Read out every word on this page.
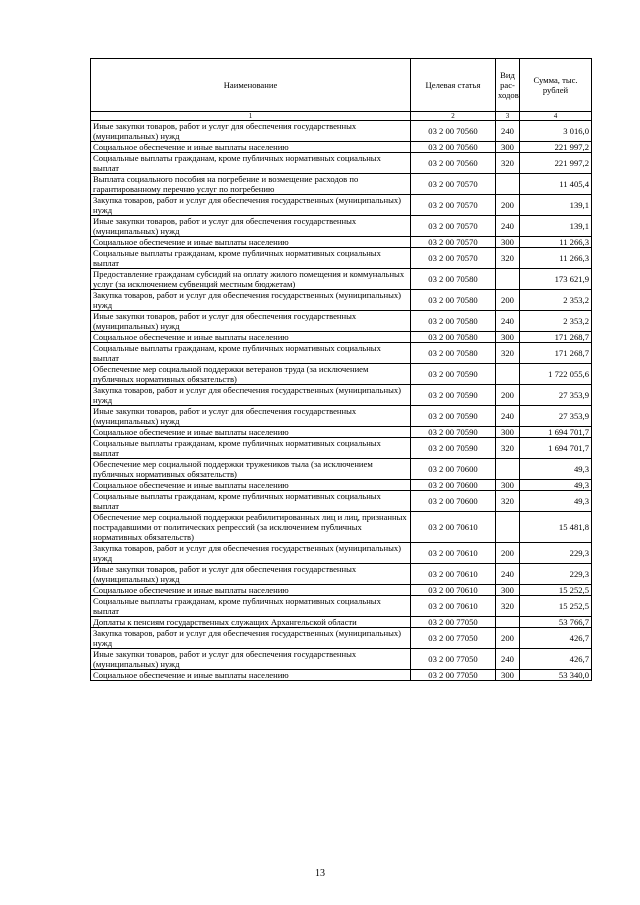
Наименование	Целевая статья	Вид рас-ходов	Сумма, тыс. рублей
1	2	3	4
Иные закупки товаров, работ и услуг для обеспечения государственных (муниципальных) нужд	03 2 00 70560	240	3 016,0
Социальное обеспечение и иные выплаты населению	03 2 00 70560	300	221 997,2
Социальные выплаты гражданам, кроме публичных нормативных социальных выплат	03 2 00 70560	320	221 997,2
Выплата социального пособия на погребение и возмещение расходов по гарантированному перечню услуг по погребению	03 2 00 70570		11 405,4
Закупка товаров, работ и услуг для обеспечения государственных (муниципальных) нужд	03 2 00 70570	200	139,1
Иные закупки товаров, работ и услуг для обеспечения государственных (муниципальных) нужд	03 2 00 70570	240	139,1
Социальное обеспечение и иные выплаты населению	03 2 00 70570	300	11 266,3
Социальные выплаты гражданам, кроме публичных нормативных социальных выплат	03 2 00 70570	320	11 266,3
Предоставление гражданам субсидий на оплату жилого помещения и коммунальных услуг (за исключением субвенций местным бюджетам)	03 2 00 70580		173 621,9
Закупка товаров, работ и услуг для обеспечения государственных (муниципальных) нужд	03 2 00 70580	200	2 353,2
Иные закупки товаров, работ и услуг для обеспечения государственных (муниципальных) нужд	03 2 00 70580	240	2 353,2
Социальное обеспечение и иные выплаты населению	03 2 00 70580	300	171 268,7
Социальные выплаты гражданам, кроме публичных нормативных социальных выплат	03 2 00 70580	320	171 268,7
Обеспечение мер социальной поддержки ветеранов труда (за исключением публичных нормативных обязательств)	03 2 00 70590		1 722 055,6
Закупка товаров, работ и услуг для обеспечения государственных (муниципальных) нужд	03 2 00 70590	200	27 353,9
Иные закупки товаров, работ и услуг для обеспечения государственных (муниципальных) нужд	03 2 00 70590	240	27 353,9
Социальное обеспечение и иные выплаты населению	03 2 00 70590	300	1 694 701,7
Социальные выплаты гражданам, кроме публичных нормативных социальных выплат	03 2 00 70590	320	1 694 701,7
Обеспечение мер социальной поддержки тружеников тыла (за исключением публичных нормативных обязательств)	03 2 00 70600		49,3
Социальное обеспечение и иные выплаты населению	03 2 00 70600	300	49,3
Социальные выплаты гражданам, кроме публичных нормативных социальных выплат	03 2 00 70600	320	49,3
Обеспечение мер социальной поддержки реабилитированных лиц и лиц, признанных пострадавшими от политических репрессий (за исключением публичных нормативных обязательств)	03 2 00 70610		15 481,8
Закупка товаров, работ и услуг для обеспечения государственных (муниципальных) нужд	03 2 00 70610	200	229,3
Иные закупки товаров, работ и услуг для обеспечения государственных (муниципальных) нужд	03 2 00 70610	240	229,3
Социальное обеспечение и иные выплаты населению	03 2 00 70610	300	15 252,5
Социальные выплаты гражданам, кроме публичных нормативных социальных выплат	03 2 00 70610	320	15 252,5
Доплаты к пенсиям государственных служащих Архангельской области	03 2 00 77050		53 766,7
Закупка товаров, работ и услуг для обеспечения государственных (муниципальных) нужд	03 2 00 77050	200	426,7
Иные закупки товаров, работ и услуг для обеспечения государственных (муниципальных) нужд	03 2 00 77050	240	426,7
Социальное обеспечение и иные выплаты населению	03 2 00 77050	300	53 340,0
13
